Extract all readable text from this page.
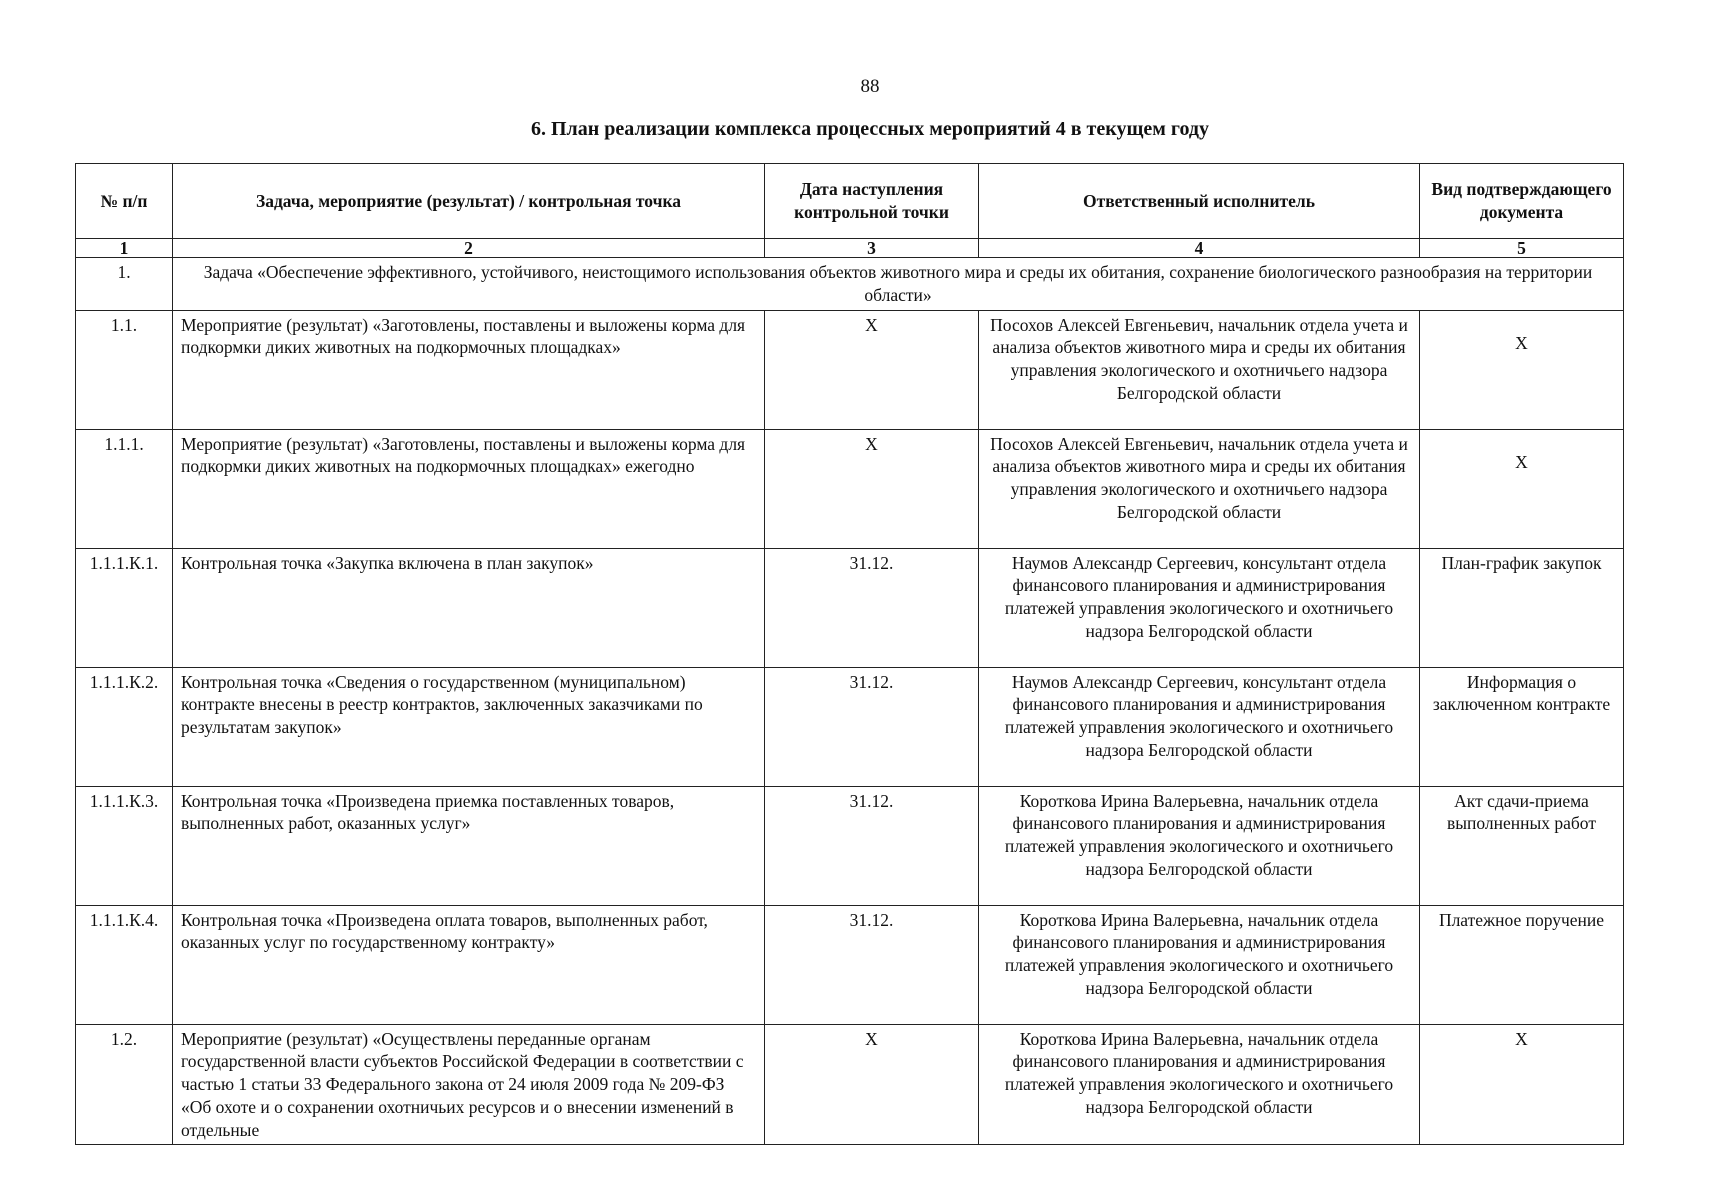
88
6. План реализации комплекса процессных мероприятий 4 в текущем году
№ п/п	Задача, мероприятие (результат) / контрольная точка	Дата наступления контрольной точки	Ответственный исполнитель	Вид подтверждающего документа
1	2	3	4	5
1.	Задача «Обеспечение эффективного, устойчивого, неистощимого использования объектов животного мира и среды их обитания, сохранение биологического разнообразия на территории области»			
1.1.	Мероприятие (результат) «Заготовлены, поставлены и выложены корма для подкормки диких животных на подкормочных площадках»	Х	Посохов Алексей Евгеньевич, начальник отдела учета и анализа объектов животного мира и среды их обитания управления экологического и охотничьего надзора Белгородской области	Х
1.1.1.	Мероприятие (результат) «Заготовлены, поставлены и выложены корма для подкормки диких животных на подкормочных площадках» ежегодно	Х	Посохов Алексей Евгеньевич, начальник отдела учета и анализа объектов животного мира и среды их обитания управления экологического и охотничьего надзора Белгородской области	Х
1.1.1.К.1.	Контрольная точка «Закупка включена в план закупок»	31.12.	Наумов Александр Сергеевич, консультант отдела финансового планирования и администрирования платежей управления экологического и охотничьего надзора Белгородской области	План-график закупок
1.1.1.К.2.	Контрольная точка «Сведения о государственном (муниципальном) контракте внесены в реестр контрактов, заключенных заказчиками по результатам закупок»	31.12.	Наумов Александр Сергеевич, консультант отдела финансового планирования и администрирования платежей управления экологического и охотничьего надзора Белгородской области	Информация о заключенном контракте
1.1.1.К.3.	Контрольная точка «Произведена приемка поставленных товаров, выполненных работ, оказанных услуг»	31.12.	Короткова Ирина Валерьевна, начальник отдела финансового планирования и администрирования платежей управления экологического и охотничьего надзора Белгородской области	Акт сдачи-приема выполненных работ
1.1.1.К.4.	Контрольная точка «Произведена оплата товаров, выполненных работ, оказанных услуг по государственному контракту»	31.12.	Короткова Ирина Валерьевна, начальник отдела финансового планирования и администрирования платежей управления экологического и охотничьего надзора Белгородской области	Платежное поручение
1.2.	Мероприятие (результат) «Осуществлены переданные органам государственной власти субъектов Российской Федерации в соответствии с частью 1 статьи 33 Федерального закона от 24 июля 2009 года № 209-ФЗ «Об охоте и о сохранении охотничьих ресурсов и о внесении изменений в отдельные	Х	Короткова Ирина Валерьевна, начальник отдела финансового планирования и администрирования платежей управления экологического и охотничьего надзора Белгородской области	Х
